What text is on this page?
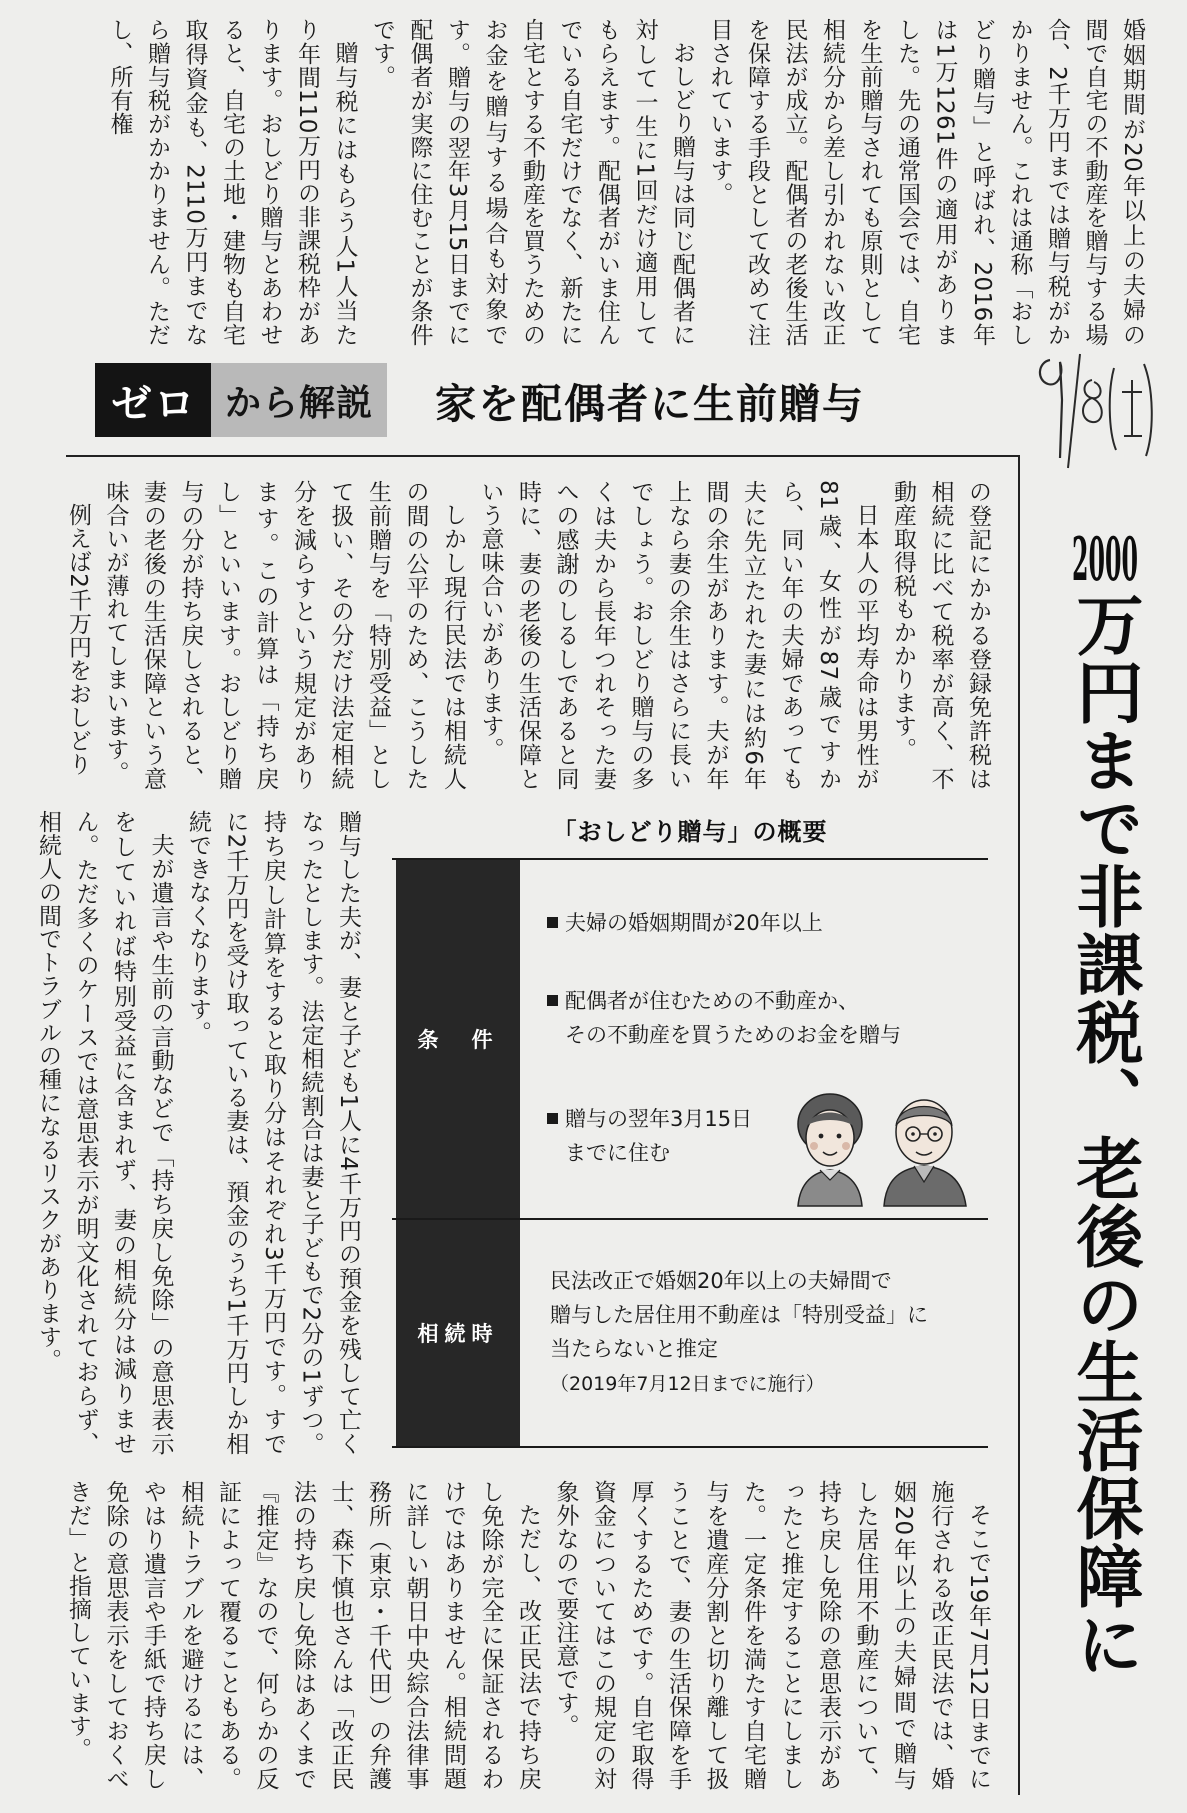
婚姻期間が20年以上の夫婦の間で自宅の不動産を贈与する場合、2千万円までは贈与税がかかりません。これは通称「おしどり贈与」と呼ばれ、2016年は1万1261件の適用がありました。先の通常国会では、自宅を生前贈与されても原則として相続分から差し引かれない改正民法が成立。配偶者の老後生活を保障する手段として改めて注目されています。

おしどり贈与は同じ配偶者に対して一生に1回だけ適用してもらえます。配偶者がいま住んでいる自宅だけでなく、新たに自宅とする不動産を買うためのお金を贈与する場合も対象です。贈与の翌年3月15日までに配偶者が実際に住むことが条件です。

贈与税にはもらう人1人当たり年間110万円の非課税枠があります。おしどり贈与とあわせると、自宅の土地・建物も自宅取得資金も、2110万円までなら贈与税がかかりません。ただし、所有権

ゼロ から解説	家を配偶者に生前贈与
2000万円まで非課税、老後の生活保障に

の登記にかかる登録免許税は相続に比べて税率が高く、不動産取得税もかかります。

日本人の平均寿命は男性が81歳、女性が87歳ですから、同い年の夫婦であっても夫に先立たれた妻には約6年間の余生があります。夫が年上なら妻の余生はさらに長いでしょう。おしどり贈与の多くは夫から長年つれそった妻への感謝のしるしであると同時に、妻の老後の生活保障という意味合いがあります。

しかし現行民法では相続人の間の公平のため、こうした生前贈与を「特別受益」として扱い、その分だけ法定相続分を減らすという規定があります。この計算は「持ち戻し」といいます。おしどり贈与の分が持ち戻しされると、妻の老後の生活保障という意味合いが薄れてしまいます。

例えば2千万円をおしどり

贈与した夫が、妻と子ども1人に4千万円の預金を残して亡くなったとします。法定相続割合は妻と子どもで2分の1ずつ。持ち戻し計算をすると取り分はそれぞれ3千万円です。すでに2千万円を受け取っている妻は、預金のうち1千万円しか相続できなくなります。

夫が遺言や生前の言動などで「持ち戻し免除」の意思表示をしていれば特別受益に含まれず、妻の相続分は減りません。ただ多くのケースでは意思表示が明文化されておらず、相続人の間でトラブルの種になるリスクがあります。	「おしどり贈与」の概要
条　件
夫婦の婚姻期間が20年以上
配偶者が住むための不動産か、
その不動産を買うためのお金を贈与
贈与の翌年3月15日
までに住む
相続時
民法改正で婚姻20年以上の夫婦間で
贈与した居住用不動産は「特別受益」に
当たらないと推定
（2019年7月12日までに施行）

そこで19年7月12日までに施行される改正民法では、婚姻20年以上の夫婦間で贈与した居住用不動産について、持ち戻し免除の意思表示があったと推定することにしました。一定条件を満たす自宅贈与を遺産分割と切り離して扱うことで、妻の生活保障を手厚くするためです。自宅取得資金についてはこの規定の対象外なので要注意です。

ただし、改正民法で持ち戻し免除が完全に保証されるわけではありません。相続問題に詳しい朝日中央綜合法律事務所（東京・千代田）の弁護士、森下慎也さんは「改正民法の持ち戻し免除はあくまで『推定』なので、何らかの反証によって覆ることもある。相続トラブルを避けるには、やはり遺言や手紙で持ち戻し免除の意思表示をしておくべきだ」と指摘しています。
